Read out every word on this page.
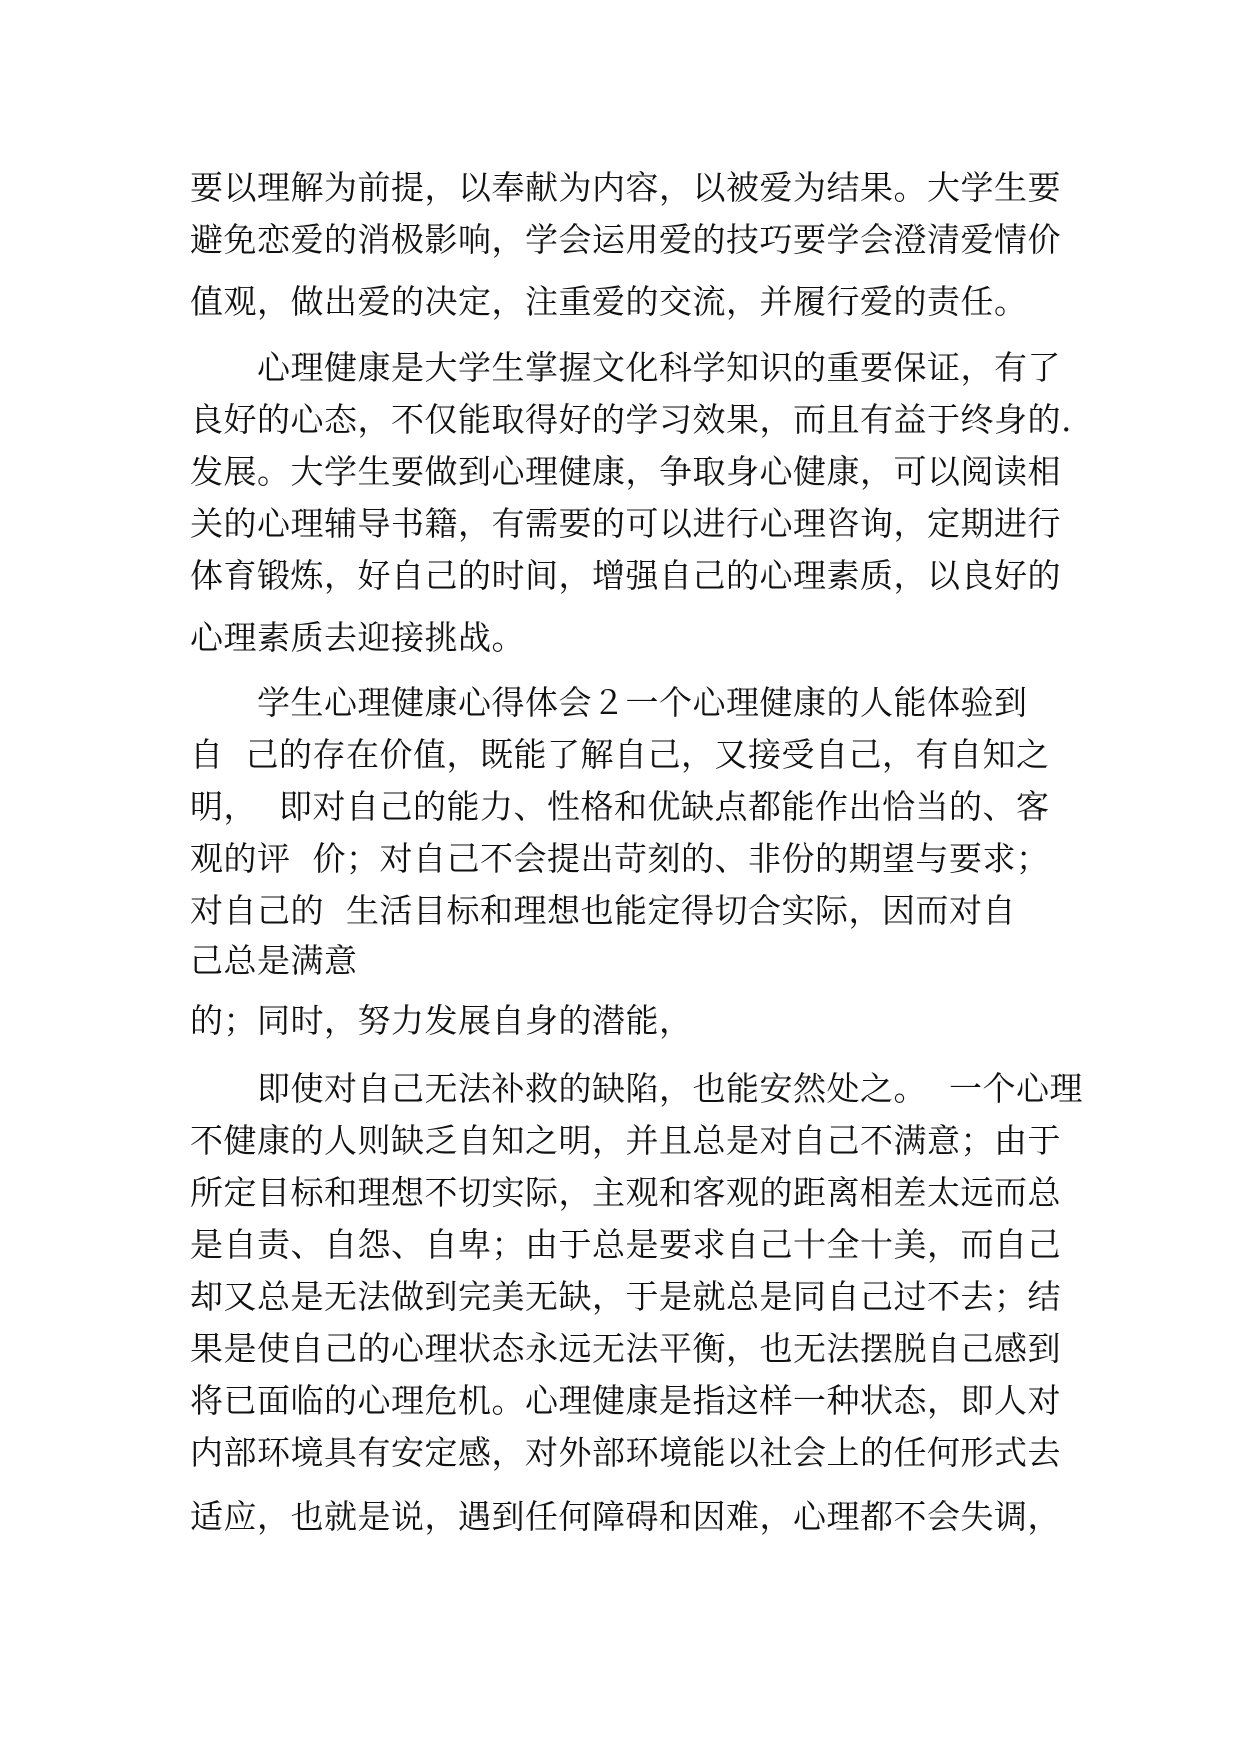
要以理解为前提，以奉献为内容，以被爱为结果。大学生要
避免恋爱的消极影响，学会运用爱的技巧要学会澄清爱情价
值观，做出爱的决定，注重爱的交流，并履行爱的责任。
　　心理健康是大学生掌握文化科学知识的重要保证，有了
良好的心态，不仅能取得好的学习效果，而且有益于终身的.
发展。大学生要做到心理健康，争取身心健康，可以阅读相
关的心理辅导书籍，有需要的可以进行心理咨询，定期进行
体育锻炼，好自己的时间，增强自己的心理素质，以良好的
心理素质去迎接挑战。
　　学生心理健康心得体会２一个心理健康的人能体验到
自  己的存在价值，既能了解自己，又接受自己，有自知之
明，  即对自己的能力、性格和优缺点都能作出恰当的、客
观的评  价；对自己不会提出苛刻的、非份的期望与要求；
对自己的  生活目标和理想也能定得切合实际，因而对自
己总是满意
的；同时，努力发展自身的潜能，
　　即使对自己无法补救的缺陷，也能安然处之。  一个心理
不健康的人则缺乏自知之明，并且总是对自己不满意；由于
所定目标和理想不切实际，主观和客观的距离相差太远而总
是自责、自怨、自卑；由于总是要求自己十全十美，而自己
却又总是无法做到完美无缺，于是就总是同自己过不去；结
果是使自己的心理状态永远无法平衡，也无法摆脱自己感到
将已面临的心理危机。心理健康是指这样一种状态，即人对
内部环境具有安定感，对外部环境能以社会上的任何形式去
适应，也就是说，遇到任何障碍和因难，心理都不会失调，
